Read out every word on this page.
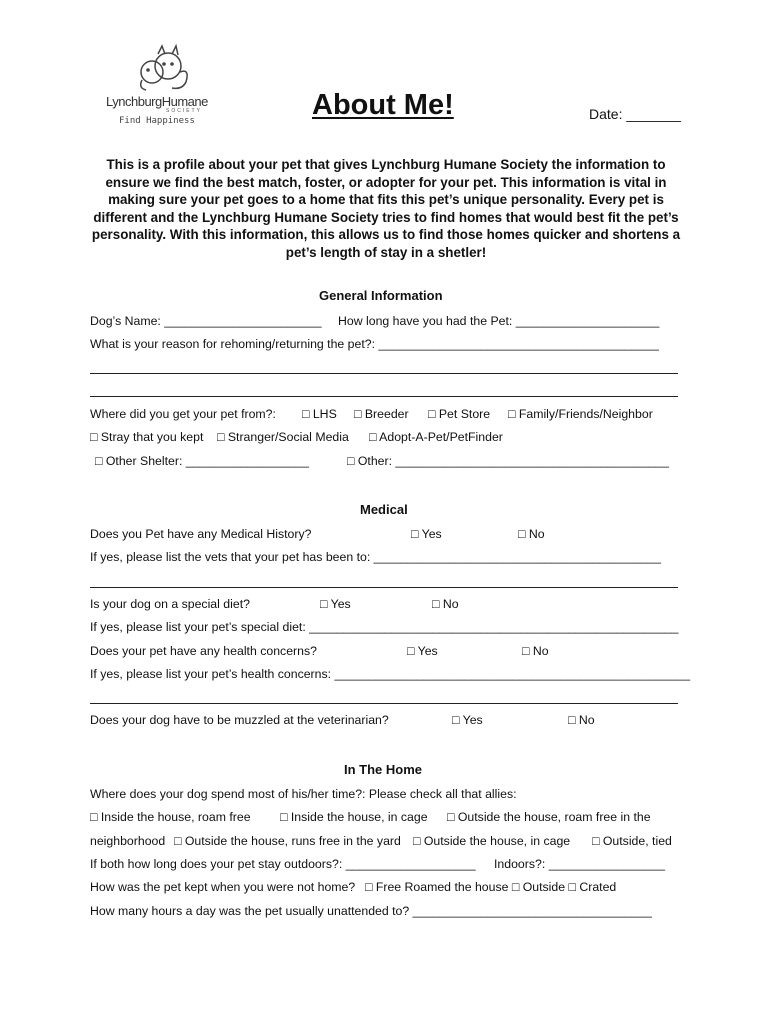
LynchburgHumane
SOCIETY
Find Happiness	About Me!	Date: _______
This is a profile about your pet that gives Lynchburg Humane Society the information to ensure we find the best match, foster, or adopter for your pet. This information is vital in making sure your pet goes to a home that fits this pet’s unique personality. Every pet is different and the Lynchburg Humane Society tries to find homes that would best fit the pet’s personality. With this information, this allows us to find those homes quicker and shortens a pet’s length of stay in a shetler!
General Information
Dog’s Name: _______________________ How long have you had the Pet: _____________________
What is your reason for rehoming/returning the pet?: _________________________________________
Where did you get your pet from?: □ LHS □ Breeder □ Pet Store □ Family/Friends/Neighbor
□ Stray that you kept □ Stranger/Social Media □ Adopt-A-Pet/PetFinder
□ Other Shelter: __________________	□ Other: ________________________________________
Medical
Does you Pet have any Medical History?	□ Yes	□ No
If yes, please list the vets that your pet has been to: __________________________________________
Is your dog on a special diet?	□ Yes	□ No
If yes, please list your pet’s special diet: ______________________________________________________
Does your pet have any health concerns?	□ Yes	□ No
If yes, please list your pet’s health concerns: ____________________________________________________
Does your dog have to be muzzled at the veterinarian?	□ Yes	□ No
In The Home
Where does your dog spend most of his/her time?: Please check all that allies:
□ Inside the house, roam free □ Inside the house, in cage □ Outside the house, roam free in the
neighborhood □ Outside the house, runs free in the yard □ Outside the house, in cage □ Outside, tied
If both how long does your pet stay outdoors?: ___________________ Indoors?: _________________
How was the pet kept when you were not home? □ Free Roamed the house □ Outside □ Crated
How many hours a day was the pet usually unattended to? ___________________________________
